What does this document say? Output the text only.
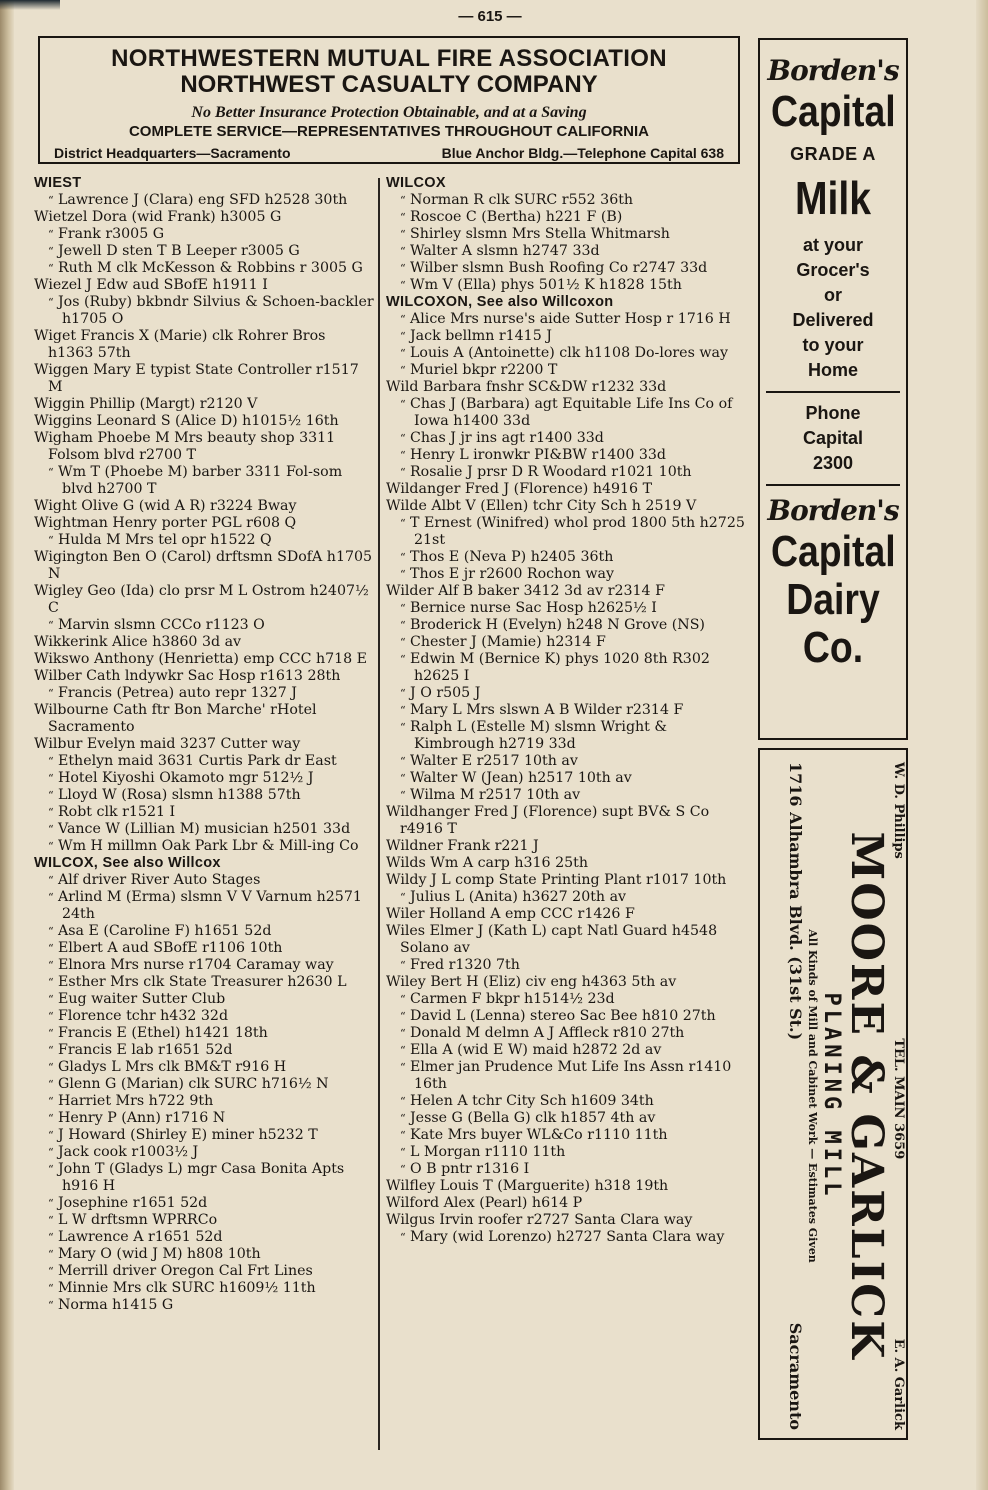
— 615 —
NORTHWESTERN MUTUAL FIRE ASSOCIATION
NORTHWEST CASUALTY COMPANY
No Better Insurance Protection Obtainable, and at a Saving
COMPLETE SERVICE—REPRESENTATIVES THROUGHOUT CALIFORNIA
District Headquarters—Sacramento	Blue Anchor Bldg.—Telephone Capital 638
WIEST
“ Lawrence J (Clara) eng SFD h2528 30th
Wietzel Dora (wid Frank) h3005 G
“ Frank r3005 G
“ Jewell D sten T B Leeper r3005 G
“ Ruth M clk McKesson & Robbins r 3005 G
Wiezel J Edw aud SBofE h1911 I
“ Jos (Ruby) bkbndr Silvius & Schoen-backler h1705 O
Wiget Francis X (Marie) clk Rohrer Bros h1363 57th
Wiggen Mary E typist State Controller r1517 M
Wiggin Phillip (Margt) r2120 V
Wiggins Leonard S (Alice D) h1015½ 16th
Wigham Phoebe M Mrs beauty shop 3311 Folsom blvd r2700 T
“ Wm T (Phoebe M) barber 3311 Fol-som blvd h2700 T
Wight Olive G (wid A R) r3224 Bway
Wightman Henry porter PGL r608 Q
“ Hulda M Mrs tel opr h1522 Q
Wigington Ben O (Carol) drftsmn SDofA h1705 N
Wigley Geo (Ida) clo prsr M L Ostrom h2407½ C
“ Marvin slsmn CCCo r1123 O
Wikkerink Alice h3860 3d av
Wikswo Anthony (Henrietta) emp CCC h718 E
Wilber Cath lndywkr Sac Hosp r1613 28th
“ Francis (Petrea) auto repr 1327 J
Wilbourne Cath ftr Bon Marche' rHotel Sacramento
Wilbur Evelyn maid 3237 Cutter way
“ Ethelyn maid 3631 Curtis Park dr East
“ Hotel Kiyoshi Okamoto mgr 512½ J
“ Lloyd W (Rosa) slsmn h1388 57th
“ Robt clk r1521 I
“ Vance W (Lillian M) musician h2501 33d
“ Wm H millmn Oak Park Lbr & Mill-ing Co
WILCOX, See also Willcox
“ Alf driver River Auto Stages
“ Arlind M (Erma) slsmn V V Varnum h2571 24th
“ Asa E (Caroline F) h1651 52d
“ Elbert A aud SBofE r1106 10th
“ Elnora Mrs nurse r1704 Caramay way
“ Esther Mrs clk State Treasurer h2630 L
“ Eug waiter Sutter Club
“ Florence tchr h432 32d
“ Francis E (Ethel) h1421 18th
“ Francis E lab r1651 52d
“ Gladys L Mrs clk BM&T r916 H
“ Glenn G (Marian) clk SURC h716½ N
“ Harriet Mrs h722 9th
“ Henry P (Ann) r1716 N
“ J Howard (Shirley E) miner h5232 T
“ Jack cook r1003½ J
“ John T (Gladys L) mgr Casa Bonita Apts h916 H
“ Josephine r1651 52d
“ L W drftsmn WPRRCo
“ Lawrence A r1651 52d
“ Mary O (wid J M) h808 10th
“ Merrill driver Oregon Cal Frt Lines
“ Minnie Mrs clk SURC h1609½ 11th
“ Norma h1415 G
WILCOX
“ Norman R clk SURC r552 36th
“ Roscoe C (Bertha) h221 F (B)
“ Shirley slsmn Mrs Stella Whitmarsh
“ Walter A slsmn h2747 33d
“ Wilber slsmn Bush Roofing Co r2747 33d
“ Wm V (Ella) phys 501½ K h1828 15th
WILCOXON, See also Willcoxon
“ Alice Mrs nurse's aide Sutter Hosp r 1716 H
“ Jack bellmn r1415 J
“ Louis A (Antoinette) clk h1108 Do-lores way
“ Muriel bkpr r2200 T
Wild Barbara fnshr SC&DW r1232 33d
“ Chas J (Barbara) agt Equitable Life Ins Co of Iowa h1400 33d
“ Chas J jr ins agt r1400 33d
“ Henry L ironwkr PI&BW r1400 33d
“ Rosalie J prsr D R Woodard r1021 10th
Wildanger Fred J (Florence) h4916 T
Wilde Albt V (Ellen) tchr City Sch h 2519 V
“ T Ernest (Winifred) whol prod 1800 5th h2725 21st
“ Thos E (Neva P) h2405 36th
“ Thos E jr r2600 Rochon way
Wilder Alf B baker 3412 3d av r2314 F
“ Bernice nurse Sac Hosp h2625½ I
“ Broderick H (Evelyn) h248 N Grove (NS)
“ Chester J (Mamie) h2314 F
“ Edwin M (Bernice K) phys 1020 8th R302 h2625 I
“ J O r505 J
“ Mary L Mrs slswn A B Wilder r2314 F
“ Ralph L (Estelle M) slsmn Wright & Kimbrough h2719 33d
“ Walter E r2517 10th av
“ Walter W (Jean) h2517 10th av
“ Wilma M r2517 10th av
Wildhanger Fred J (Florence) supt BV& S Co r4916 T
Wildner Frank r221 J
Wilds Wm A carp h316 25th
Wildy J L comp State Printing Plant r1017 10th
“ Julius L (Anita) h3627 20th av
Wiler Holland A emp CCC r1426 F
Wiles Elmer J (Kath L) capt Natl Guard h4548 Solano av
“ Fred r1320 7th
Wiley Bert H (Eliz) civ eng h4363 5th av
“ Carmen F bkpr h1514½ 23d
“ David L (Lenna) stereo Sac Bee h810 27th
“ Donald M delmn A J Affleck r810 27th
“ Ella A (wid E W) maid h2872 2d av
“ Elmer jan Prudence Mut Life Ins Assn r1410 16th
“ Helen A tchr City Sch h1609 34th
“ Jesse G (Bella G) clk h1857 4th av
“ Kate Mrs buyer WL&Co r1110 11th
“ L Morgan r1110 11th
“ O B pntr r1316 I
Wilfley Louis T (Marguerite) h318 19th
Wilford Alex (Pearl) h614 P
Wilgus Irvin roofer r2727 Santa Clara way
“ Mary (wid Lorenzo) h2727 Santa Clara way
Borden's
Capital
GRADE A
Milk
at your
Grocer's
or
Delivered
to your
Home
Phone
Capital
2300
Borden's
Capital
Dairy
Co.
W. D. Phillips
TEL. MAIN 3659
E. A. Garlick
MOORE & GARLICK
PLANING MILL
All Kinds of Mill and Cabinet Work — Estimates Given
1716 Alhambra Blvd. (31st St.)
Sacramento
